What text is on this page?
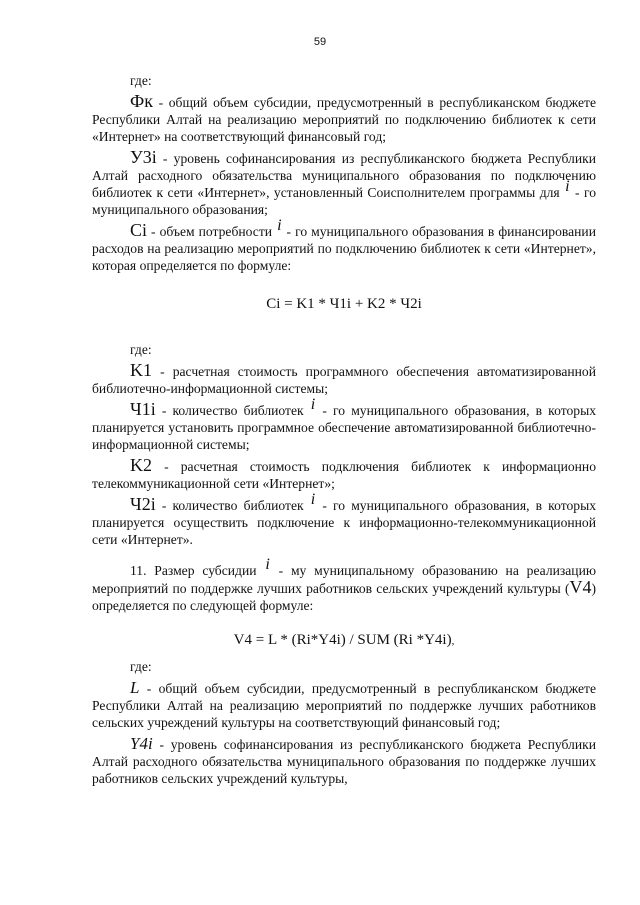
59

где:

Фк - общий объем субсидии, предусмотренный в республиканском бюджете Республики Алтай на реализацию мероприятий по подключению библиотек к сети «Интернет» на соответствующий финансовый год;

У3i - уровень софинансирования из республиканского бюджета Республики Алтай расходного обязательства муниципального образования по подключению библиотек к сети «Интернет», установленный Соисполнителем программы для i - го муниципального образования;

Ci - объем потребности i - го муниципального образования в финансировании расходов на реализацию мероприятий по подключению библиотек к сети «Интернет», которая определяется по формуле:

Ci = K1 * Ч1i + K2 * Ч2i

где:

K1 - расчетная стоимость программного обеспечения автоматизированной библиотечно-информационной системы;

Ч1i - количество библиотек i - го муниципального образования, в которых планируется установить программное обеспечение автоматизированной библиотечно-информационной системы;

K2 - расчетная стоимость подключения библиотек к информационно телекоммуникационной сети «Интернет»;

Ч2i - количество библиотек i - го муниципального образования, в которых планируется осуществить подключение к информационно-телекоммуникационной сети «Интернет».

11. Размер субсидии i - му муниципальному образованию на реализацию мероприятий по поддержке лучших работников сельских учреждений культуры (V4) определяется по следующей формуле:

V4 = L * (Ri*Y4i) / SUM (Ri *Y4i),

где:

L - общий объем субсидии, предусмотренный в республиканском бюджете Республики Алтай на реализацию мероприятий по поддержке лучших работников сельских учреждений культуры на соответствующий финансовый год;

Y4i - уровень софинансирования из республиканского бюджета Республики Алтай расходного обязательства муниципального образования по поддержке лучших работников сельских учреждений культуры,
